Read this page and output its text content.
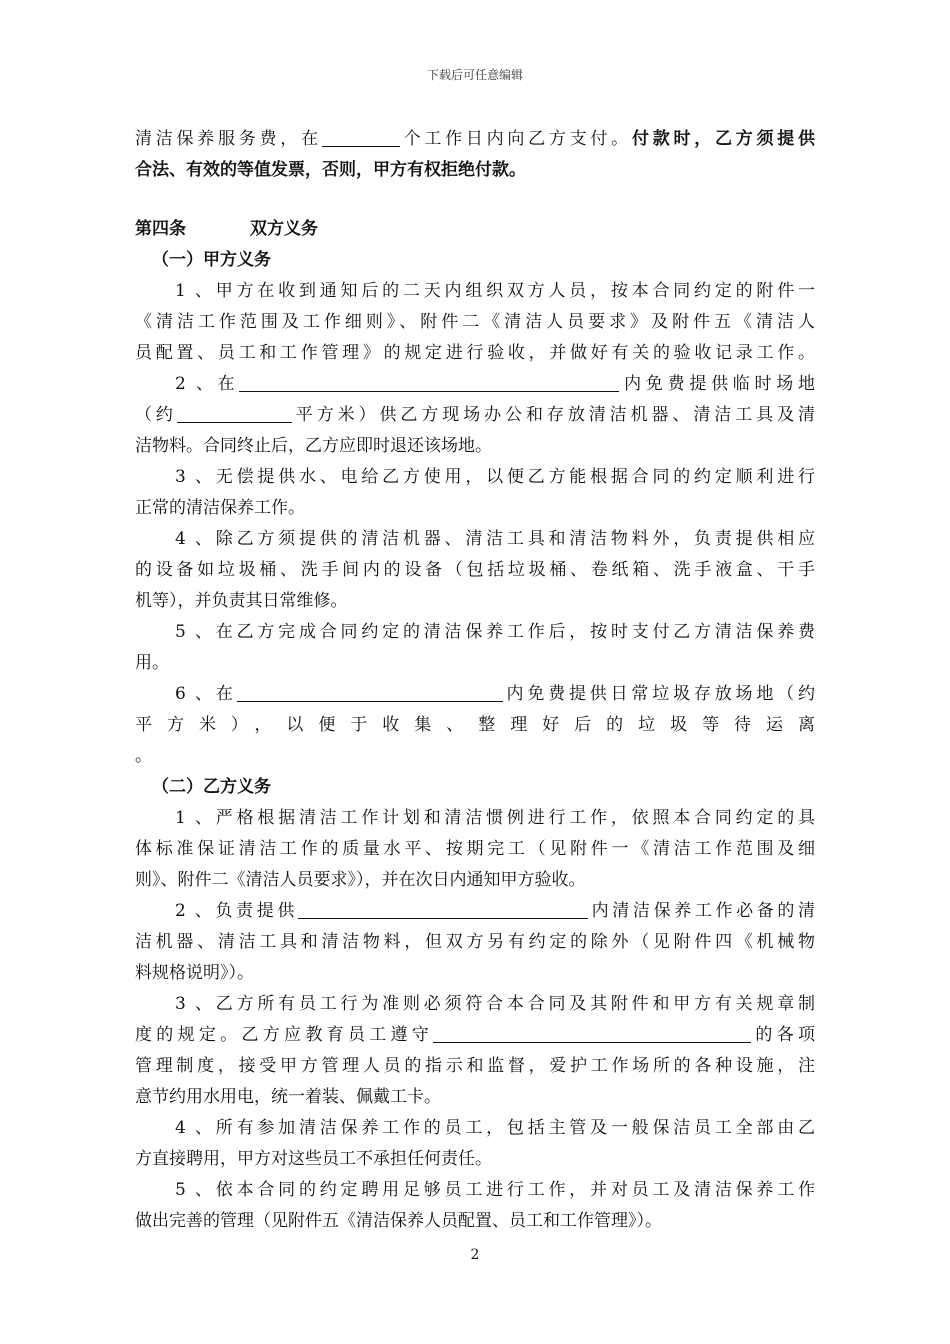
下载后可任意编辑
清洁保养服务费，在	个工作日内向乙方支付。付款时，乙方须提供
合法、有效的等值发票，否则，甲方有权拒绝付款。
第四条	双方义务
（一）甲方义务
1 、甲方在收到通知后的二天内组织双方人员，按本合同约定的附件一
《清洁工作范围及工作细则》、附件二《清洁人员要求》及附件五《清洁人
员配置、员工和工作管理》的规定进行验收，并做好有关的验收记录工作。
2 、在	内免费提供临时场地
（约	平方米）供乙方现场办公和存放清洁机器、清洁工具及清
洁物料。合同终止后，乙方应即时退还该场地。
3 、无偿提供水、电给乙方使用，以便乙方能根据合同的约定顺利进行
正常的清洁保养工作。
4 、除乙方须提供的清洁机器、清洁工具和清洁物料外，负责提供相应
的设备如垃圾桶、洗手间内的设备（包括垃圾桶、卷纸箱、洗手液盒、干手
机等），并负责其日常维修。
5 、在乙方完成合同约定的清洁保养工作后，按时支付乙方清洁保养费
用。
6 、在	内免费提供日常垃圾存放场地（约
平方米），以便于收集、整理好后的垃圾等待运离
。
（二）乙方义务
1 、严格根据清洁工作计划和清洁惯例进行工作，依照本合同约定的具
体标准保证清洁工作的质量水平、按期完工（见附件一《清洁工作范围及细
则》、附件二《清洁人员要求》），并在次日内通知甲方验收。
2 、负责提供	内清洁保养工作必备的清
洁机器、清洁工具和清洁物料，但双方另有约定的除外（见附件四《机械物
料规格说明》）。
3 、乙方所有员工行为准则必须符合本合同及其附件和甲方有关规章制
度的规定。乙方应教育员工遵守	的各项
管理制度，接受甲方管理人员的指示和监督，爱护工作场所的各种设施，注
意节约用水用电，统一着装、佩戴工卡。
4 、所有参加清洁保养工作的员工，包括主管及一般保洁员工全部由乙
方直接聘用，甲方对这些员工不承担任何责任。
5 、依本合同的约定聘用足够员工进行工作，并对员工及清洁保养工作
做出完善的管理（见附件五《清洁保养人员配置、员工和工作管理》）。
2
